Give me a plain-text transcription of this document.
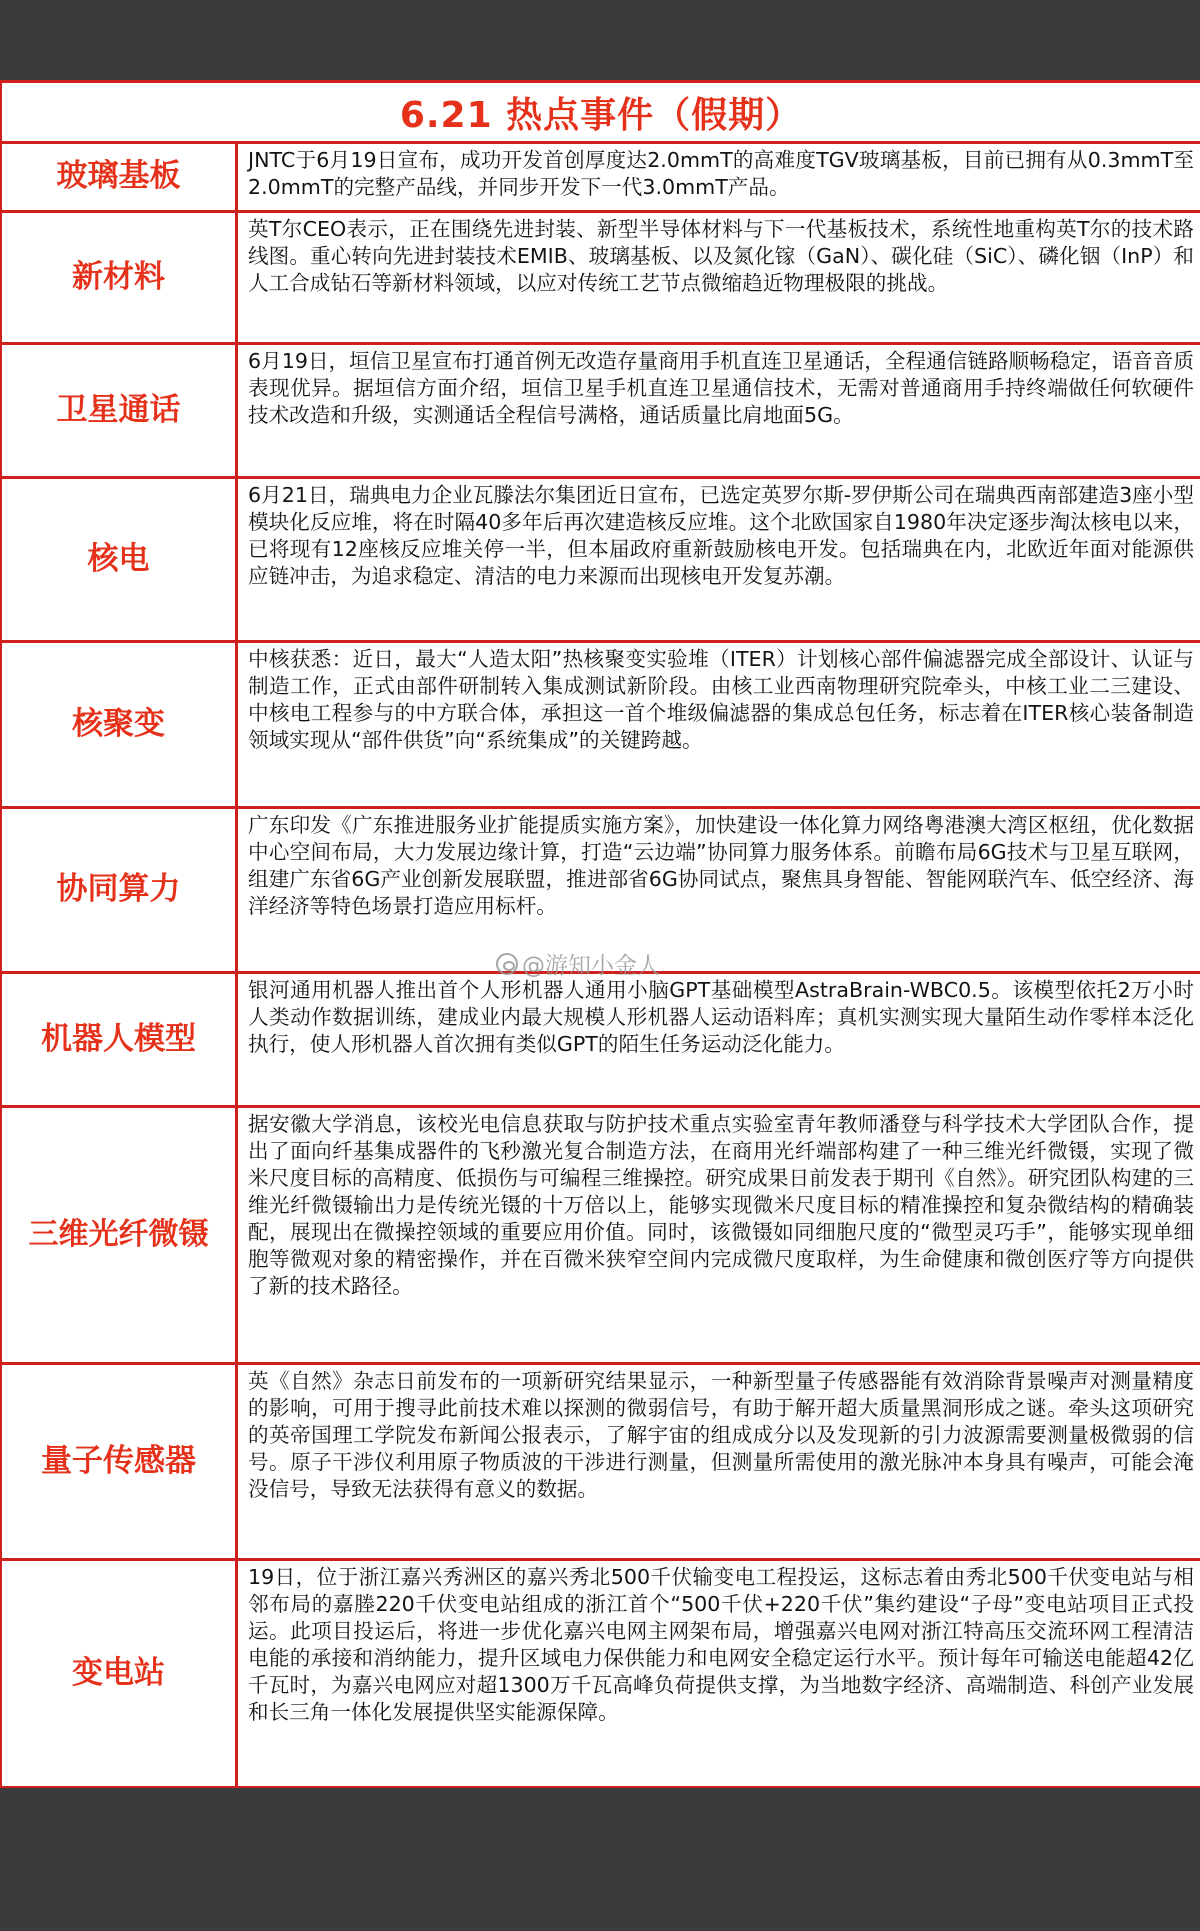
6.21 热点事件（假期）
玻璃基板	JNTC于6月19日宣布，成功开发首创厚度达2.0mmT的高难度TGV玻璃基板，目前已拥有从0.3mmT至2.0mmT的完整产品线，并同步开发下一代3.0mmT产品。
新材料
英T尔CEO表示，正在围绕先进封装、新型半导体材料与下一代基板技术，系统性地重构英T尔的技术路线图。重心转向先进封装技术EMIB、玻璃基板、以及氮化镓（GaN）、碳化硅（SiC）、磷化铟（InP）和人工合成钻石等新材料领域，以应对传统工艺节点微缩趋近物理极限的挑战。
卫星通话
6月19日，垣信卫星宣布打通首例无改造存量商用手机直连卫星通话，全程通信链路顺畅稳定，语音音质表现优异。据垣信方面介绍，垣信卫星手机直连卫星通信技术，无需对普通商用手持终端做任何软硬件技术改造和升级，实测通话全程信号满格，通话质量比肩地面5G。
核电
6月21日，瑞典电力企业瓦滕法尔集团近日宣布，已选定英罗尔斯-罗伊斯公司在瑞典西南部建造3座小型模块化反应堆，将在时隔40多年后再次建造核反应堆。这个北欧国家自1980年决定逐步淘汰核电以来，已将现有12座核反应堆关停一半，但本届政府重新鼓励核电开发。包括瑞典在内，北欧近年面对能源供应链冲击，为追求稳定、清洁的电力来源而出现核电开发复苏潮。
核聚变
中核获悉：近日，最大“人造太阳”热核聚变实验堆（ITER）计划核心部件偏滤器完成全部设计、认证与制造工作，正式由部件研制转入集成测试新阶段。由核工业西南物理研究院牵头，中核工业二三建设、中核电工程参与的中方联合体，承担这一首个堆级偏滤器的集成总包任务，标志着在ITER核心装备制造领域实现从“部件供货”向“系统集成”的关键跨越。
协同算力
广东印发《广东推进服务业扩能提质实施方案》，加快建设一体化算力网络粤港澳大湾区枢纽，优化数据中心空间布局，大力发展边缘计算，打造“云边端”协同算力服务体系。前瞻布局6G技术与卫星互联网，组建广东省6G产业创新发展联盟，推进部省6G协同试点，聚焦具身智能、智能网联汽车、低空经济、海洋经济等特色场景打造应用标杆。
机器人模型
银河通用机器人推出首个人形机器人通用小脑GPT基础模型AstraBrain-WBC0.5。该模型依托2万小时人类动作数据训练，建成业内最大规模人形机器人运动语料库；真机实测实现大量陌生动作零样本泛化执行，使人形机器人首次拥有类似GPT的陌生任务运动泛化能力。
三维光纤微镊
据安徽大学消息，该校光电信息获取与防护技术重点实验室青年教师潘登与科学技术大学团队合作，提出了面向纤基集成器件的飞秒激光复合制造方法，在商用光纤端部构建了一种三维光纤微镊，实现了微米尺度目标的高精度、低损伤与可编程三维操控。研究成果日前发表于期刊《自然》。研究团队构建的三维光纤微镊输出力是传统光镊的十万倍以上，能够实现微米尺度目标的精准操控和复杂微结构的精确装配，展现出在微操控领域的重要应用价值。同时，该微镊如同细胞尺度的“微型灵巧手”，能够实现单细胞等微观对象的精密操作，并在百微米狭窄空间内完成微尺度取样，为生命健康和微创医疗等方向提供了新的技术路径。
量子传感器
英《自然》杂志日前发布的一项新研究结果显示，一种新型量子传感器能有效消除背景噪声对测量精度的影响，可用于搜寻此前技术难以探测的微弱信号，有助于解开超大质量黑洞形成之谜。牵头这项研究的英帝国理工学院发布新闻公报表示，了解宇宙的组成成分以及发现新的引力波源需要测量极微弱的信号。原子干涉仪利用原子物质波的干涉进行测量，但测量所需使用的激光脉冲本身具有噪声，可能会淹没信号，导致无法获得有意义的数据。
变电站
19日，位于浙江嘉兴秀洲区的嘉兴秀北500千伏输变电工程投运，这标志着由秀北500千伏变电站与相邻布局的嘉塍220千伏变电站组成的浙江首个“500千伏+220千伏”集约建设“子母”变电站项目正式投运。此项目投运后，将进一步优化嘉兴电网主网架布局，增强嘉兴电网对浙江特高压交流环网工程清洁电能的承接和消纳能力，提升区域电力保供能力和电网安全稳定运行水平。预计每年可输送电能超42亿千瓦时，为嘉兴电网应对超1300万千瓦高峰负荷提供支撑，为当地数字经济、高端制造、科创产业发展和长三角一体化发展提供坚实能源保障。
@游知小金人
